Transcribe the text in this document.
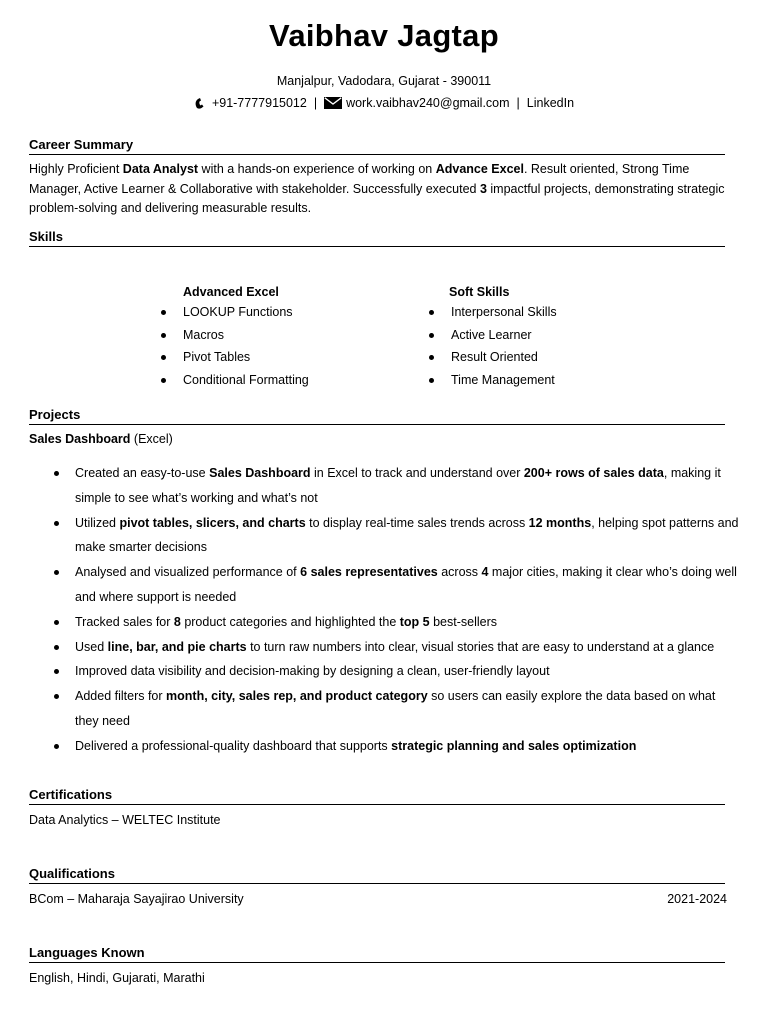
Vaibhav Jagtap
Manjalpur, Vadodara, Gujarat - 390011
+91-7777915012 | work.vaibhav240@gmail.com | LinkedIn
Career Summary
Highly Proficient Data Analyst with a hands-on experience of working on Advance Excel. Result oriented, Strong Time Manager, Active Learner & Collaborative with stakeholder. Successfully executed 3 impactful projects, demonstrating strategic problem-solving and delivering measurable results.
Skills
Advanced Excel
LOOKUP Functions
Macros
Pivot Tables
Conditional Formatting
Soft Skills
Interpersonal Skills
Active Learner
Result Oriented
Time Management
Projects
Sales Dashboard (Excel)
Created an easy-to-use Sales Dashboard in Excel to track and understand over 200+ rows of sales data, making it simple to see what’s working and what’s not
Utilized pivot tables, slicers, and charts to display real-time sales trends across 12 months, helping spot patterns and make smarter decisions
Analysed and visualized performance of 6 sales representatives across 4 major cities, making it clear who’s doing well and where support is needed
Tracked sales for 8 product categories and highlighted the top 5 best-sellers
Used line, bar, and pie charts to turn raw numbers into clear, visual stories that are easy to understand at a glance
Improved data visibility and decision-making by designing a clean, user-friendly layout
Added filters for month, city, sales rep, and product category so users can easily explore the data based on what they need
Delivered a professional-quality dashboard that supports strategic planning and sales optimization
Certifications
Data Analytics – WELTEC Institute
Qualifications
BCom – Maharaja Sayajirao University	2021-2024
Languages Known
English, Hindi, Gujarati, Marathi
